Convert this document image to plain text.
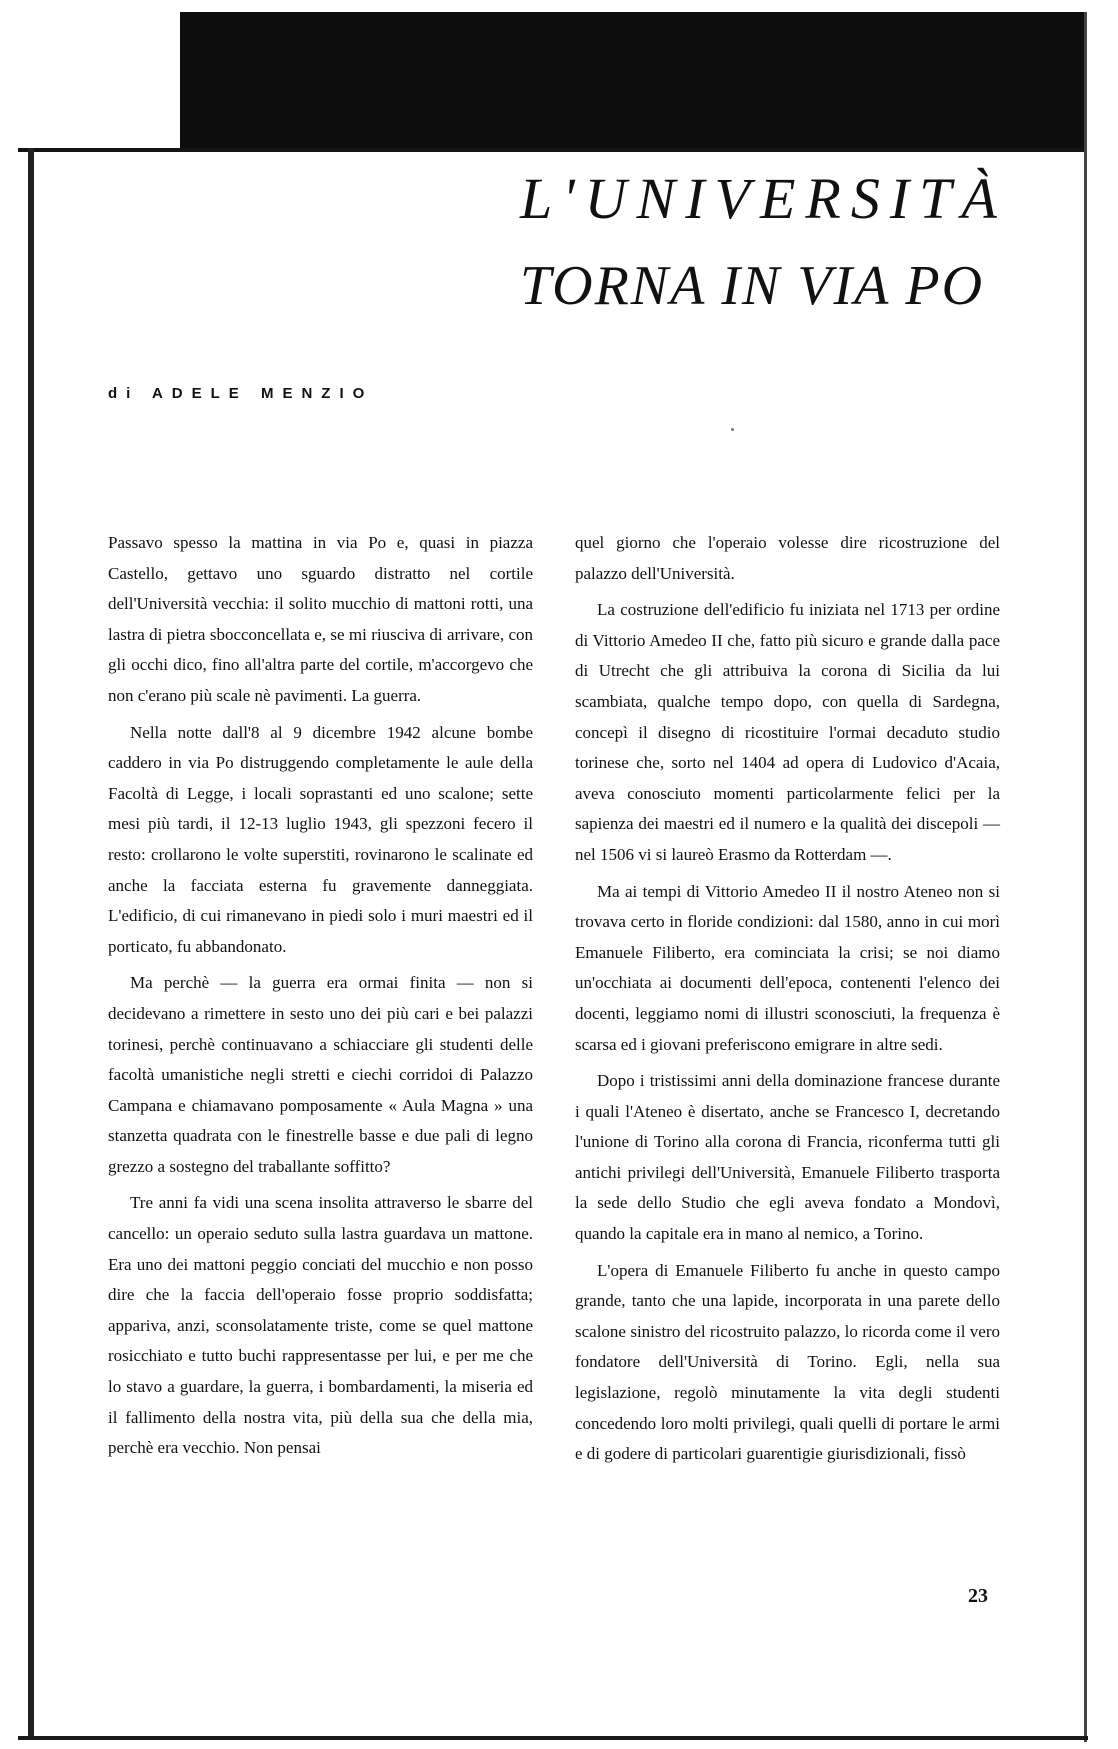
L'UNIVERSITÀ
TORNA IN VIA PO
di ADELE MENZIO

Passavo spesso la mattina in via Po e, quasi in piazza Castello, gettavo uno sguardo distratto nel cortile dell'Università vecchia: il solito mucchio di mattoni rotti, una lastra di pietra sbocconcellata e, se mi riusciva di arrivare, con gli occhi dico, fino all'altra parte del cortile, m'accorgevo che non c'erano più scale nè pavimenti. La guerra.

Nella notte dall'8 al 9 dicembre 1942 alcune bombe caddero in via Po distruggendo completamente le aule della Facoltà di Legge, i locali soprastanti ed uno scalone; sette mesi più tardi, il 12-13 luglio 1943, gli spezzoni fecero il resto: crollarono le volte superstiti, rovinarono le scalinate ed anche la facciata esterna fu gravemente danneggiata. L'edificio, di cui rimanevano in piedi solo i muri maestri ed il porticato, fu abbandonato.

Ma perchè — la guerra era ormai finita — non si decidevano a rimettere in sesto uno dei più cari e bei palazzi torinesi, perchè continuavano a schiacciare gli studenti delle facoltà umanistiche negli stretti e ciechi corridoi di Palazzo Campana e chiamavano pomposamente « Aula Magna » una stanzetta quadrata con le finestrelle basse e due pali di legno grezzo a sostegno del traballante soffitto?

Tre anni fa vidi una scena insolita attraverso le sbarre del cancello: un operaio seduto sulla lastra guardava un mattone. Era uno dei mattoni peggio conciati del mucchio e non posso dire che la faccia dell'operaio fosse proprio soddisfatta; appariva, anzi, sconsolatamente triste, come se quel mattone rosicchiato e tutto buchi rappresentasse per lui, e per me che lo stavo a guardare, la guerra, i bombardamenti, la miseria ed il fallimento della nostra vita, più della sua che della mia, perchè era vecchio. Non pensai

quel giorno che l'operaio volesse dire ricostruzione del palazzo dell'Università.

La costruzione dell'edificio fu iniziata nel 1713 per ordine di Vittorio Amedeo II che, fatto più sicuro e grande dalla pace di Utrecht che gli attribuiva la corona di Sicilia da lui scambiata, qualche tempo dopo, con quella di Sardegna, concepì il disegno di ricostituire l'ormai decaduto studio torinese che, sorto nel 1404 ad opera di Ludovico d'Acaia, aveva conosciuto momenti particolarmente felici per la sapienza dei maestri ed il numero e la qualità dei discepoli — nel 1506 vi si laureò Erasmo da Rotterdam —.

Ma ai tempi di Vittorio Amedeo II il nostro Ateneo non si trovava certo in floride condizioni: dal 1580, anno in cui morì Emanuele Filiberto, era cominciata la crisi; se noi diamo un'occhiata ai documenti dell'epoca, contenenti l'elenco dei docenti, leggiamo nomi di illustri sconosciuti, la frequenza è scarsa ed i giovani preferiscono emigrare in altre sedi.

Dopo i tristissimi anni della dominazione francese durante i quali l'Ateneo è disertato, anche se Francesco I, decretando l'unione di Torino alla corona di Francia, riconferma tutti gli antichi privilegi dell'Università, Emanuele Filiberto trasporta la sede dello Studio che egli aveva fondato a Mondovì, quando la capitale era in mano al nemico, a Torino.

L'opera di Emanuele Filiberto fu anche in questo campo grande, tanto che una lapide, incorporata in una parete dello scalone sinistro del ricostruito palazzo, lo ricorda come il vero fondatore dell'Università di Torino. Egli, nella sua legislazione, regolò minutamente la vita degli studenti concedendo loro molti privilegi, quali quelli di portare le armi e di godere di particolari guarentigie giurisdizionali, fissò

23
